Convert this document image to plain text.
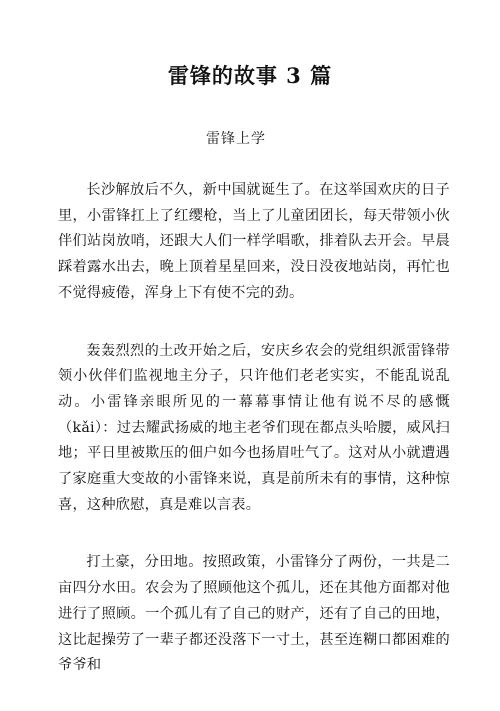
雷锋的故事 3 篇
雷锋上学

长沙解放后不久，新中国就诞生了。在这举国欢庆的日子里，小雷锋扛上了红缨枪，当上了儿童团团长，每天带领小伙伴们站岗放哨，还跟大人们一样学唱歌，排着队去开会。早晨踩着露水出去，晚上顶着星星回来，没日没夜地站岗，再忙也不觉得疲倦，浑身上下有使不完的劲。

轰轰烈烈的土改开始之后，安庆乡农会的党组织派雷锋带领小伙伴们监视地主分子，只许他们老老实实，不能乱说乱动。小雷锋亲眼所见的一幕幕事情让他有说不尽的感慨（kǎi）：过去耀武扬威的地主老爷们现在都点头哈腰，威风扫地；平日里被欺压的佃户如今也扬眉吐气了。这对从小就遭遇了家庭重大变故的小雷锋来说，真是前所未有的事情，这种惊喜，这种欣慰，真是难以言表。

打土豪，分田地。按照政策，小雷锋分了两份，一共是二亩四分水田。农会为了照顾他这个孤儿，还在其他方面都对他进行了照顾。一个孤儿有了自己的财产，还有了自己的田地，这比起操劳了一辈子都还没落下一寸土，甚至连糊口都困难的爷爷和
